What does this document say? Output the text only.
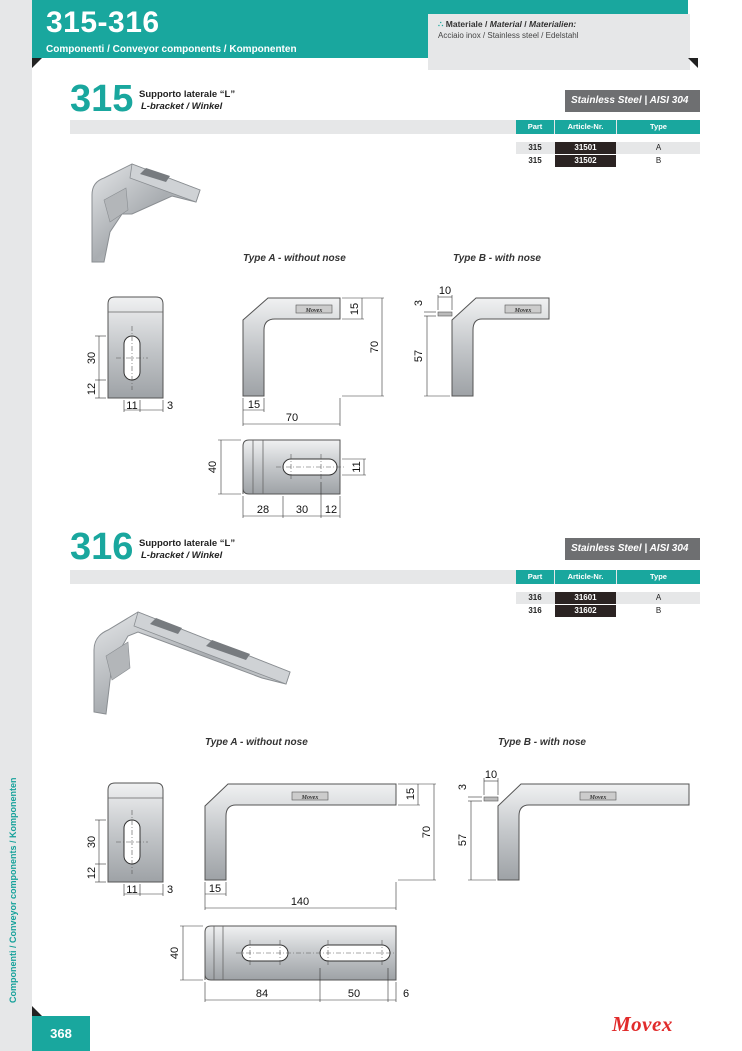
Componenti / Conveyor components / Komponenten
315-316
Componenti / Conveyor components / Komponenten
∴ Materiale / Material / Materialien:
Acciaio inox / Stainless steel / Edelstahl
315 Supporto laterale “L”
L-bracket / Winkel
Stainless Steel | AISI 304
Part	Article-Nr.	Type
315	31501	A
315	31502	B
Type A - without nose	Type B - with nose
30
12
11	3
Movex 15
70
15
70
Movex
10
3
57
40	11
28 30 12
316 Supporto laterale “L”
L-bracket / Winkel
Stainless Steel | AISI 304
Part	Article-Nr.	Type
316	31601	A
316	31602	B
Type A - without nose	Type B - with nose
30
12
11	3
Movex	15
70
15
140
Movex
10
3
57
40
84	50	6
368	Movex
